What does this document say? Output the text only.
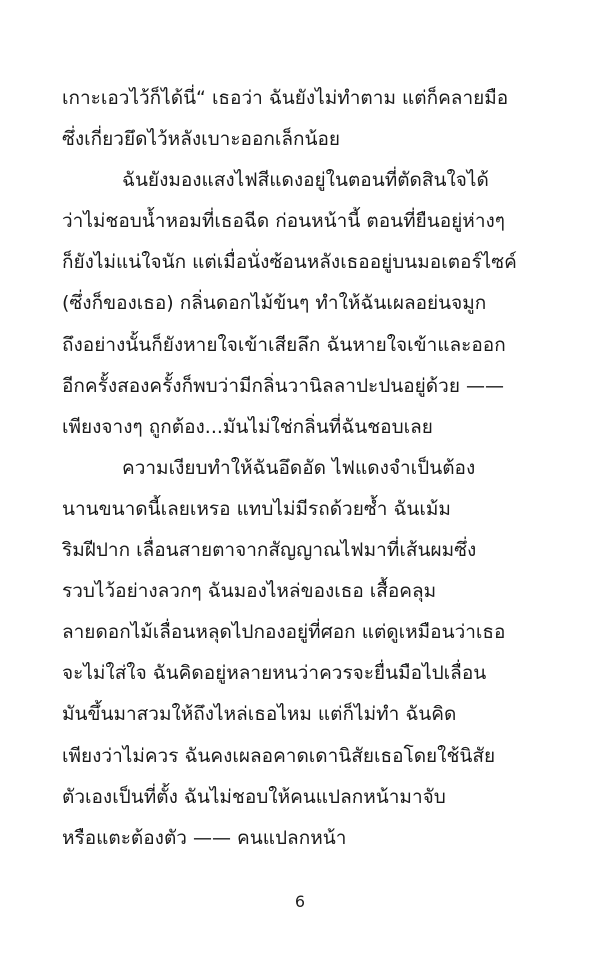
เกาะเอวไว้ก็ได้นี่“ เธอว่า ฉันยังไม่ทำตาม แต่ก็คลายมือ
ซึ่งเกี่ยวยึดไว้หลังเบาะออกเล็กน้อย
ฉันยังมองแสงไฟสีแดงอยู่ในตอนที่ตัดสินใจได้
ว่าไม่ชอบน้ำหอมที่เธอฉีด ก่อนหน้านี้ ตอนที่ยืนอยู่ห่างๆ
ก็ยังไม่แน่ใจนัก แต่เมื่อนั่งซ้อนหลังเธออยู่บนมอเตอร์ไซค์
(ซึ่งก็ของเธอ) กลิ่นดอกไม้ข้นๆ ทำให้ฉันเผลอย่นจมูก
ถึงอย่างนั้นก็ยังหายใจเข้าเสียลึก ฉันหายใจเข้าและออก
อีกครั้งสองครั้งก็พบว่ามีกลิ่นวานิลลาปะปนอยู่ด้วย ——
เพียงจางๆ ถูกต้อง...มันไม่ใช่กลิ่นที่ฉันชอบเลย
ความเงียบทำให้ฉันอึดอัด ไฟแดงจำเป็นต้อง
นานขนาดนี้เลยเหรอ แทบไม่มีรถด้วยซ้ำ ฉันเม้ม
ริมฝีปาก เลื่อนสายตาจากสัญญาณไฟมาที่เส้นผมซึ่ง
รวบไว้อย่างลวกๆ ฉันมองไหล่ของเธอ เสื้อคลุม
ลายดอกไม้เลื่อนหลุดไปกองอยู่ที่ศอก แต่ดูเหมือนว่าเธอ
จะไม่ใส่ใจ ฉันคิดอยู่หลายหนว่าควรจะยื่นมือไปเลื่อน
มันขึ้นมาสวมให้ถึงไหล่เธอไหม แต่ก็ไม่ทำ ฉันคิด
เพียงว่าไม่ควร ฉันคงเผลอคาดเดานิสัยเธอโดยใช้นิสัย
ตัวเองเป็นที่ตั้ง ฉันไม่ชอบให้คนแปลกหน้ามาจับ
หรือแตะต้องตัว —— คนแปลกหน้า
6
